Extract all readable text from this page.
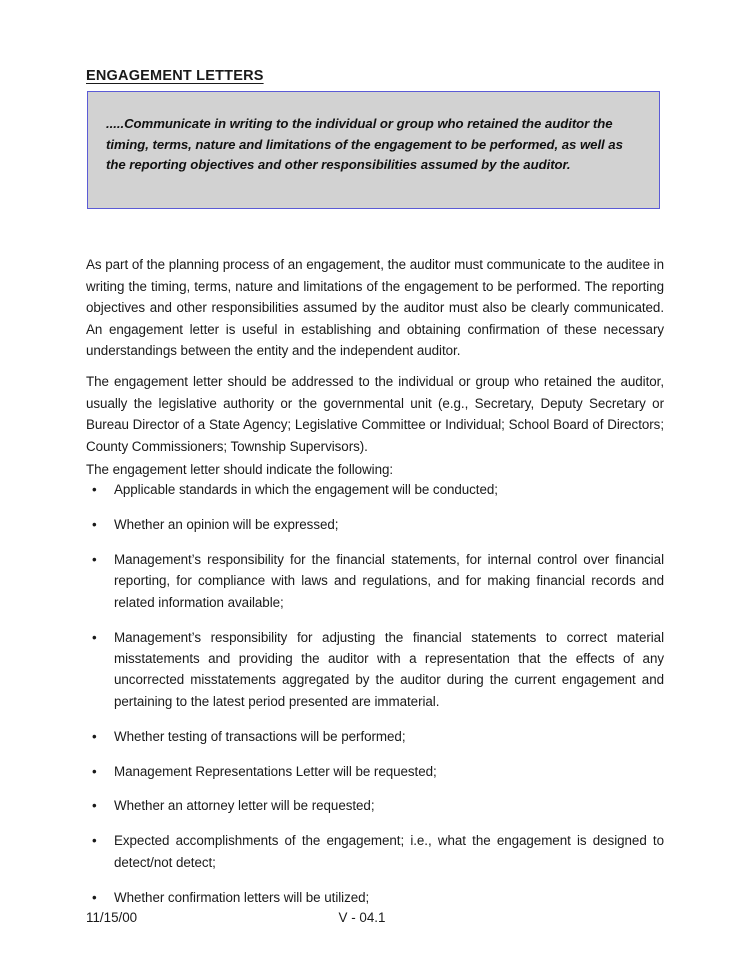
ENGAGEMENT LETTERS
.....Communicate in writing to the individual or group who retained the auditor the timing, terms, nature and limitations of the engagement to be performed, as well as the reporting objectives and other responsibilities assumed by the auditor.

As part of the planning process of an engagement, the auditor must communicate to the auditee in writing the timing, terms, nature and limitations of the engagement to be performed. The reporting objectives and other responsibilities assumed by the auditor must also be clearly communicated. An engagement letter is useful in establishing and obtaining confirmation of these necessary understandings between the entity and the independent auditor.

The engagement letter should be addressed to the individual or group who retained the auditor, usually the legislative authority or the governmental unit (e.g., Secretary, Deputy Secretary or Bureau Director of a State Agency; Legislative Committee or Individual; School Board of Directors; County Commissioners; Township Supervisors).

The engagement letter should indicate the following:

• Applicable standards in which the engagement will be conducted;
• Whether an opinion will be expressed;
• Management’s responsibility for the financial statements, for internal control over financial reporting, for compliance with laws and regulations, and for making financial records and related information available;
• Management’s responsibility for adjusting the financial statements to correct material misstatements and providing the auditor with a representation that the effects of any uncorrected misstatements aggregated by the auditor during the current engagement and pertaining to the latest period presented are immaterial.
• Whether testing of transactions will be performed;
• Management Representations Letter will be requested;
• Whether an attorney letter will be requested;
• Expected accomplishments of the engagement; i.e., what the engagement is designed to detect/not detect;
• Whether confirmation letters will be utilized;
11/15/00	V - 04.1
